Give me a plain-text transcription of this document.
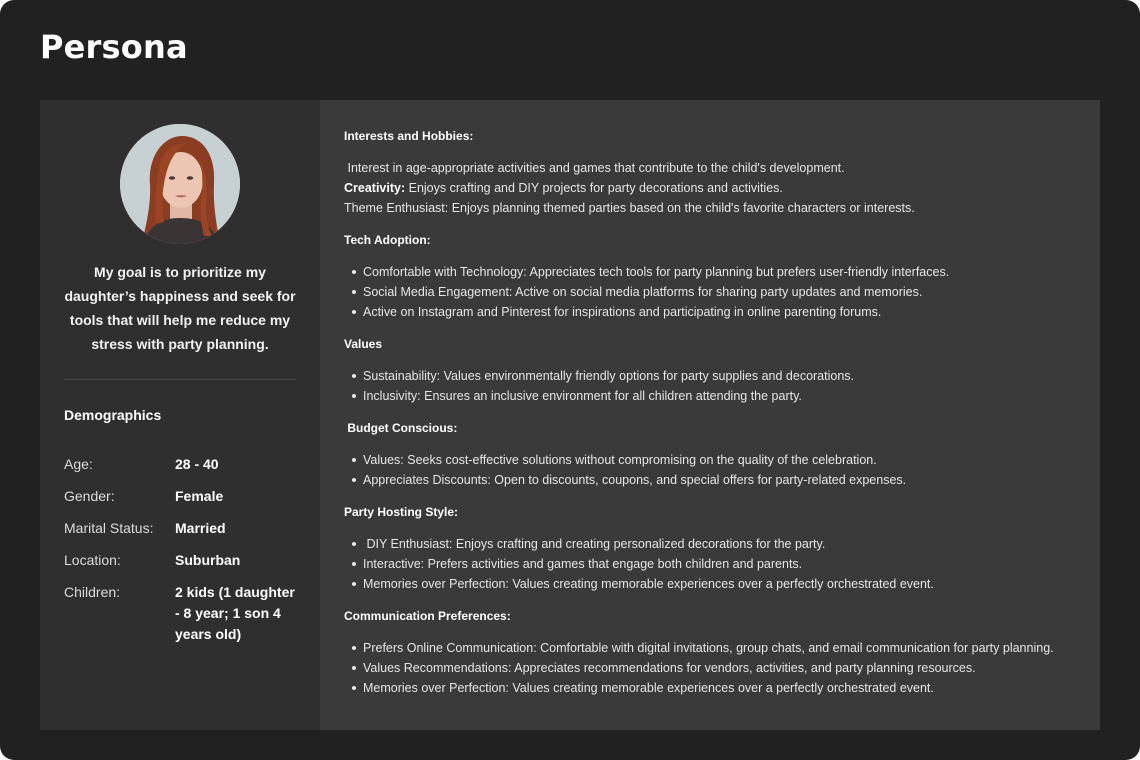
Persona

My goal is to prioritize my daughter’s happiness and seek for tools that will help me reduce my stress with party planning.

Demographics
Age:	28 - 40
Gender:	Female
Marital Status:	Married
Location:	Suburban
Children:	2 kids (1 daughter - 8 year; 1 son 4 years old)
Interests and Hobbies:
Interest in age-appropriate activities and games that contribute to the child's development.
Creativity: Enjoys crafting and DIY projects for party decorations and activities.
Theme Enthusiast: Enjoys planning themed parties based on the child's favorite characters or interests.
Tech Adoption:
Comfortable with Technology: Appreciates tech tools for party planning but prefers user-friendly interfaces.
Social Media Engagement: Active on social media platforms for sharing party updates and memories.
Active on Instagram and Pinterest for inspirations and participating in online parenting forums.
Values
Sustainability: Values environmentally friendly options for party supplies and decorations.
Inclusivity: Ensures an inclusive environment for all children attending the party.
Budget Conscious:
Values: Seeks cost-effective solutions without compromising on the quality of the celebration.
Appreciates Discounts: Open to discounts, coupons, and special offers for party-related expenses.
Party Hosting Style:
DIY Enthusiast: Enjoys crafting and creating personalized decorations for the party.
Interactive: Prefers activities and games that engage both children and parents.
Memories over Perfection: Values creating memorable experiences over a perfectly orchestrated event.
Communication Preferences:
Prefers Online Communication: Comfortable with digital invitations, group chats, and email communication for party planning.
Values Recommendations: Appreciates recommendations for vendors, activities, and party planning resources.
Memories over Perfection: Values creating memorable experiences over a perfectly orchestrated event.
